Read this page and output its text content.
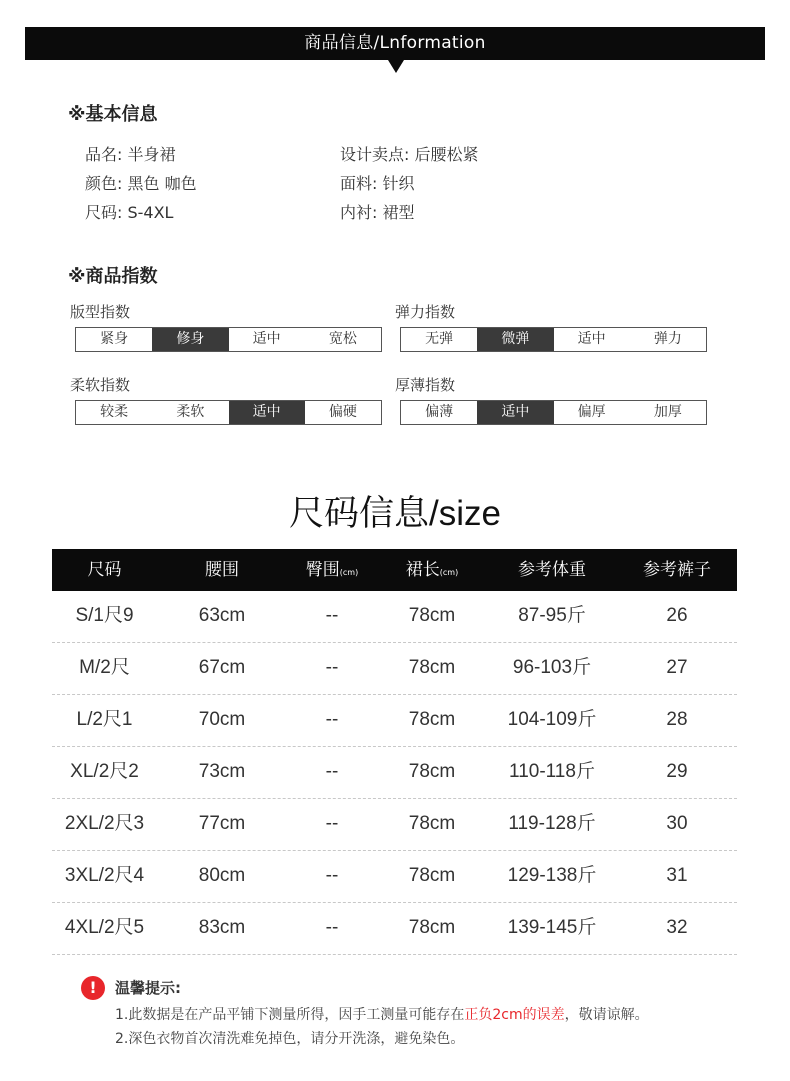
商品信息/Lnformation
※基本信息
品名: 半身裙
颜色: 黑色 咖色
尺码: S-4XL
设计卖点: 后腰松紧
面料: 针织
内衬: 裙型
※商品指数
版型指数
紧身	修身	适中	宽松
弹力指数
无弹	微弹	适中	弹力
柔软指数
较柔	柔软	适中	偏硬
厚薄指数
偏薄	适中	偏厚	加厚
尺码信息/size
尺码	腰围	臀围(cm)	裙长(cm)	参考体重	参考裤子
S/1尺9	63cm	--	78cm	87-95斤	26
M/2尺	67cm	--	78cm	96-103斤	27
L/2尺1	70cm	--	78cm	104-109斤	28
XL/2尺2	73cm	--	78cm	110-118斤	29
2XL/2尺3	77cm	--	78cm	119-128斤	30
3XL/2尺4	80cm	--	78cm	129-138斤	31
4XL/2尺5	83cm	--	78cm	139-145斤	32
!	温馨提示:
1.此数据是在产品平铺下测量所得，因手工测量可能存在正负2cm的误差，敬请谅解。
2.深色衣物首次清洗难免掉色，请分开洗涤，避免染色。
